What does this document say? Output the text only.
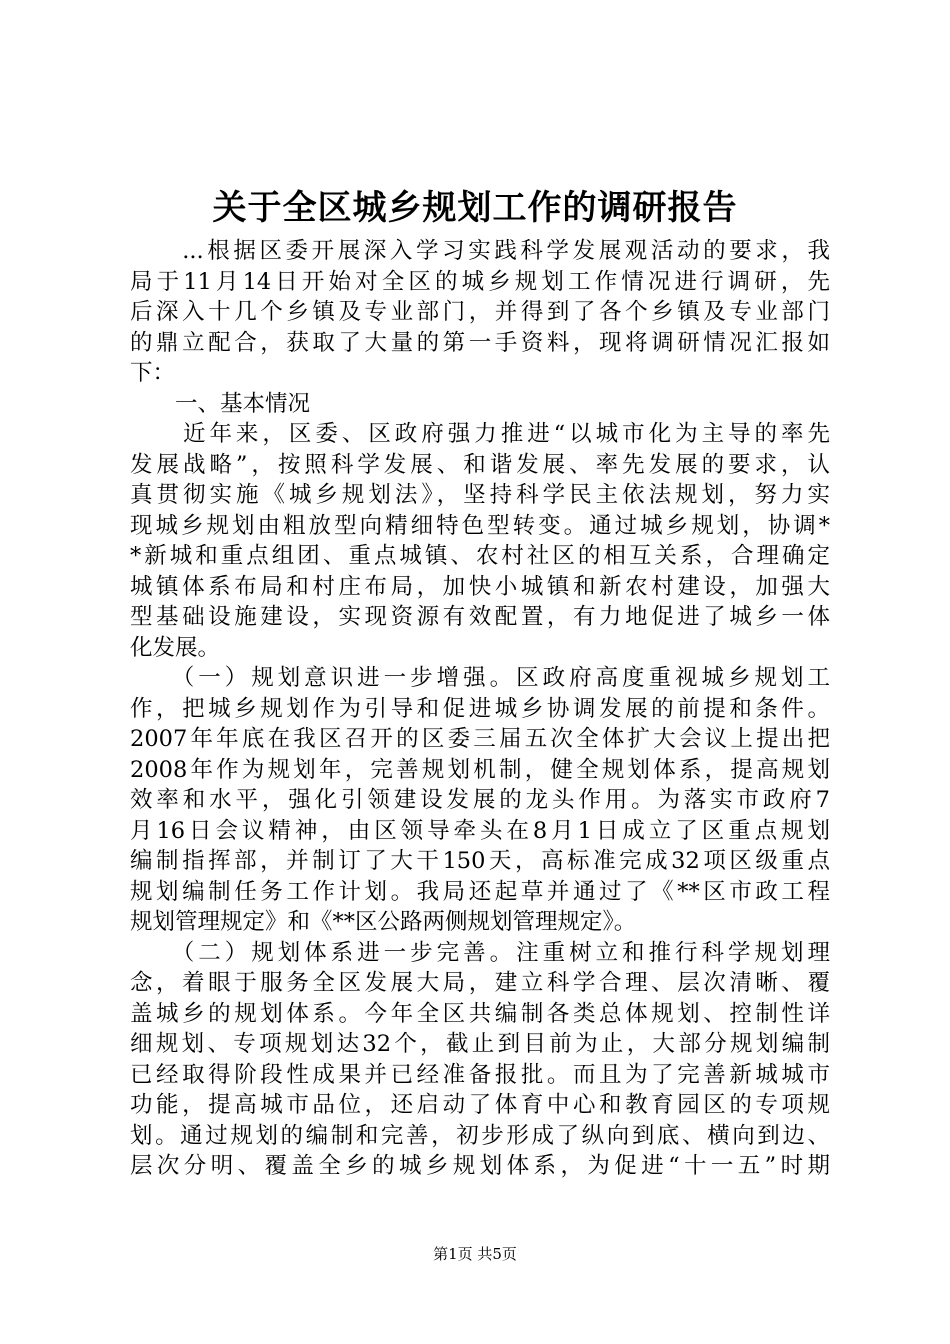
关于全区城乡规划工作的调研报告
　　...根据区委开展深入学习实践科学发展观活动的要求，我
局于11月14日开始对全区的城乡规划工作情况进行调研，先
后深入十几个乡镇及专业部门，并得到了各个乡镇及专业部门
的鼎立配合，获取了大量的第一手资料，现将调研情况汇报如
下：
　　一、基本情况
　　近年来，区委、区政府强力推进“以城市化为主导的率先
发展战略”，按照科学发展、和谐发展、率先发展的要求，认
真贯彻实施《城乡规划法》，坚持科学民主依法规划，努力实
现城乡规划由粗放型向精细特色型转变。通过城乡规划，协调*
*新城和重点组团、重点城镇、农村社区的相互关系，合理确定
城镇体系布局和村庄布局，加快小城镇和新农村建设，加强大
型基础设施建设，实现资源有效配置，有力地促进了城乡一体
化发展。
　　（一）规划意识进一步增强。区政府高度重视城乡规划工
作，把城乡规划作为引导和促进城乡协调发展的前提和条件。
2007年年底在我区召开的区委三届五次全体扩大会议上提出把
2008年作为规划年，完善规划机制，健全规划体系，提高规划
效率和水平，强化引领建设发展的龙头作用。为落实市政府7
月16日会议精神，由区领导牵头在8月1日成立了区重点规划
编制指挥部，并制订了大干150天，高标准完成32项区级重点
规划编制任务工作计划。我局还起草并通过了《**区市政工程
规划管理规定》和《**区公路两侧规划管理规定》。
　　（二）规划体系进一步完善。注重树立和推行科学规划理
念，着眼于服务全区发展大局，建立科学合理、层次清晰、覆
盖城乡的规划体系。今年全区共编制各类总体规划、控制性详
细规划、专项规划达32个，截止到目前为止，大部分规划编制
已经取得阶段性成果并已经准备报批。而且为了完善新城城市
功能，提高城市品位，还启动了体育中心和教育园区的专项规
划。通过规划的编制和完善，初步形成了纵向到底、横向到边、
层次分明、覆盖全乡的城乡规划体系，为促进“十一五”时期
第1页 共5页
